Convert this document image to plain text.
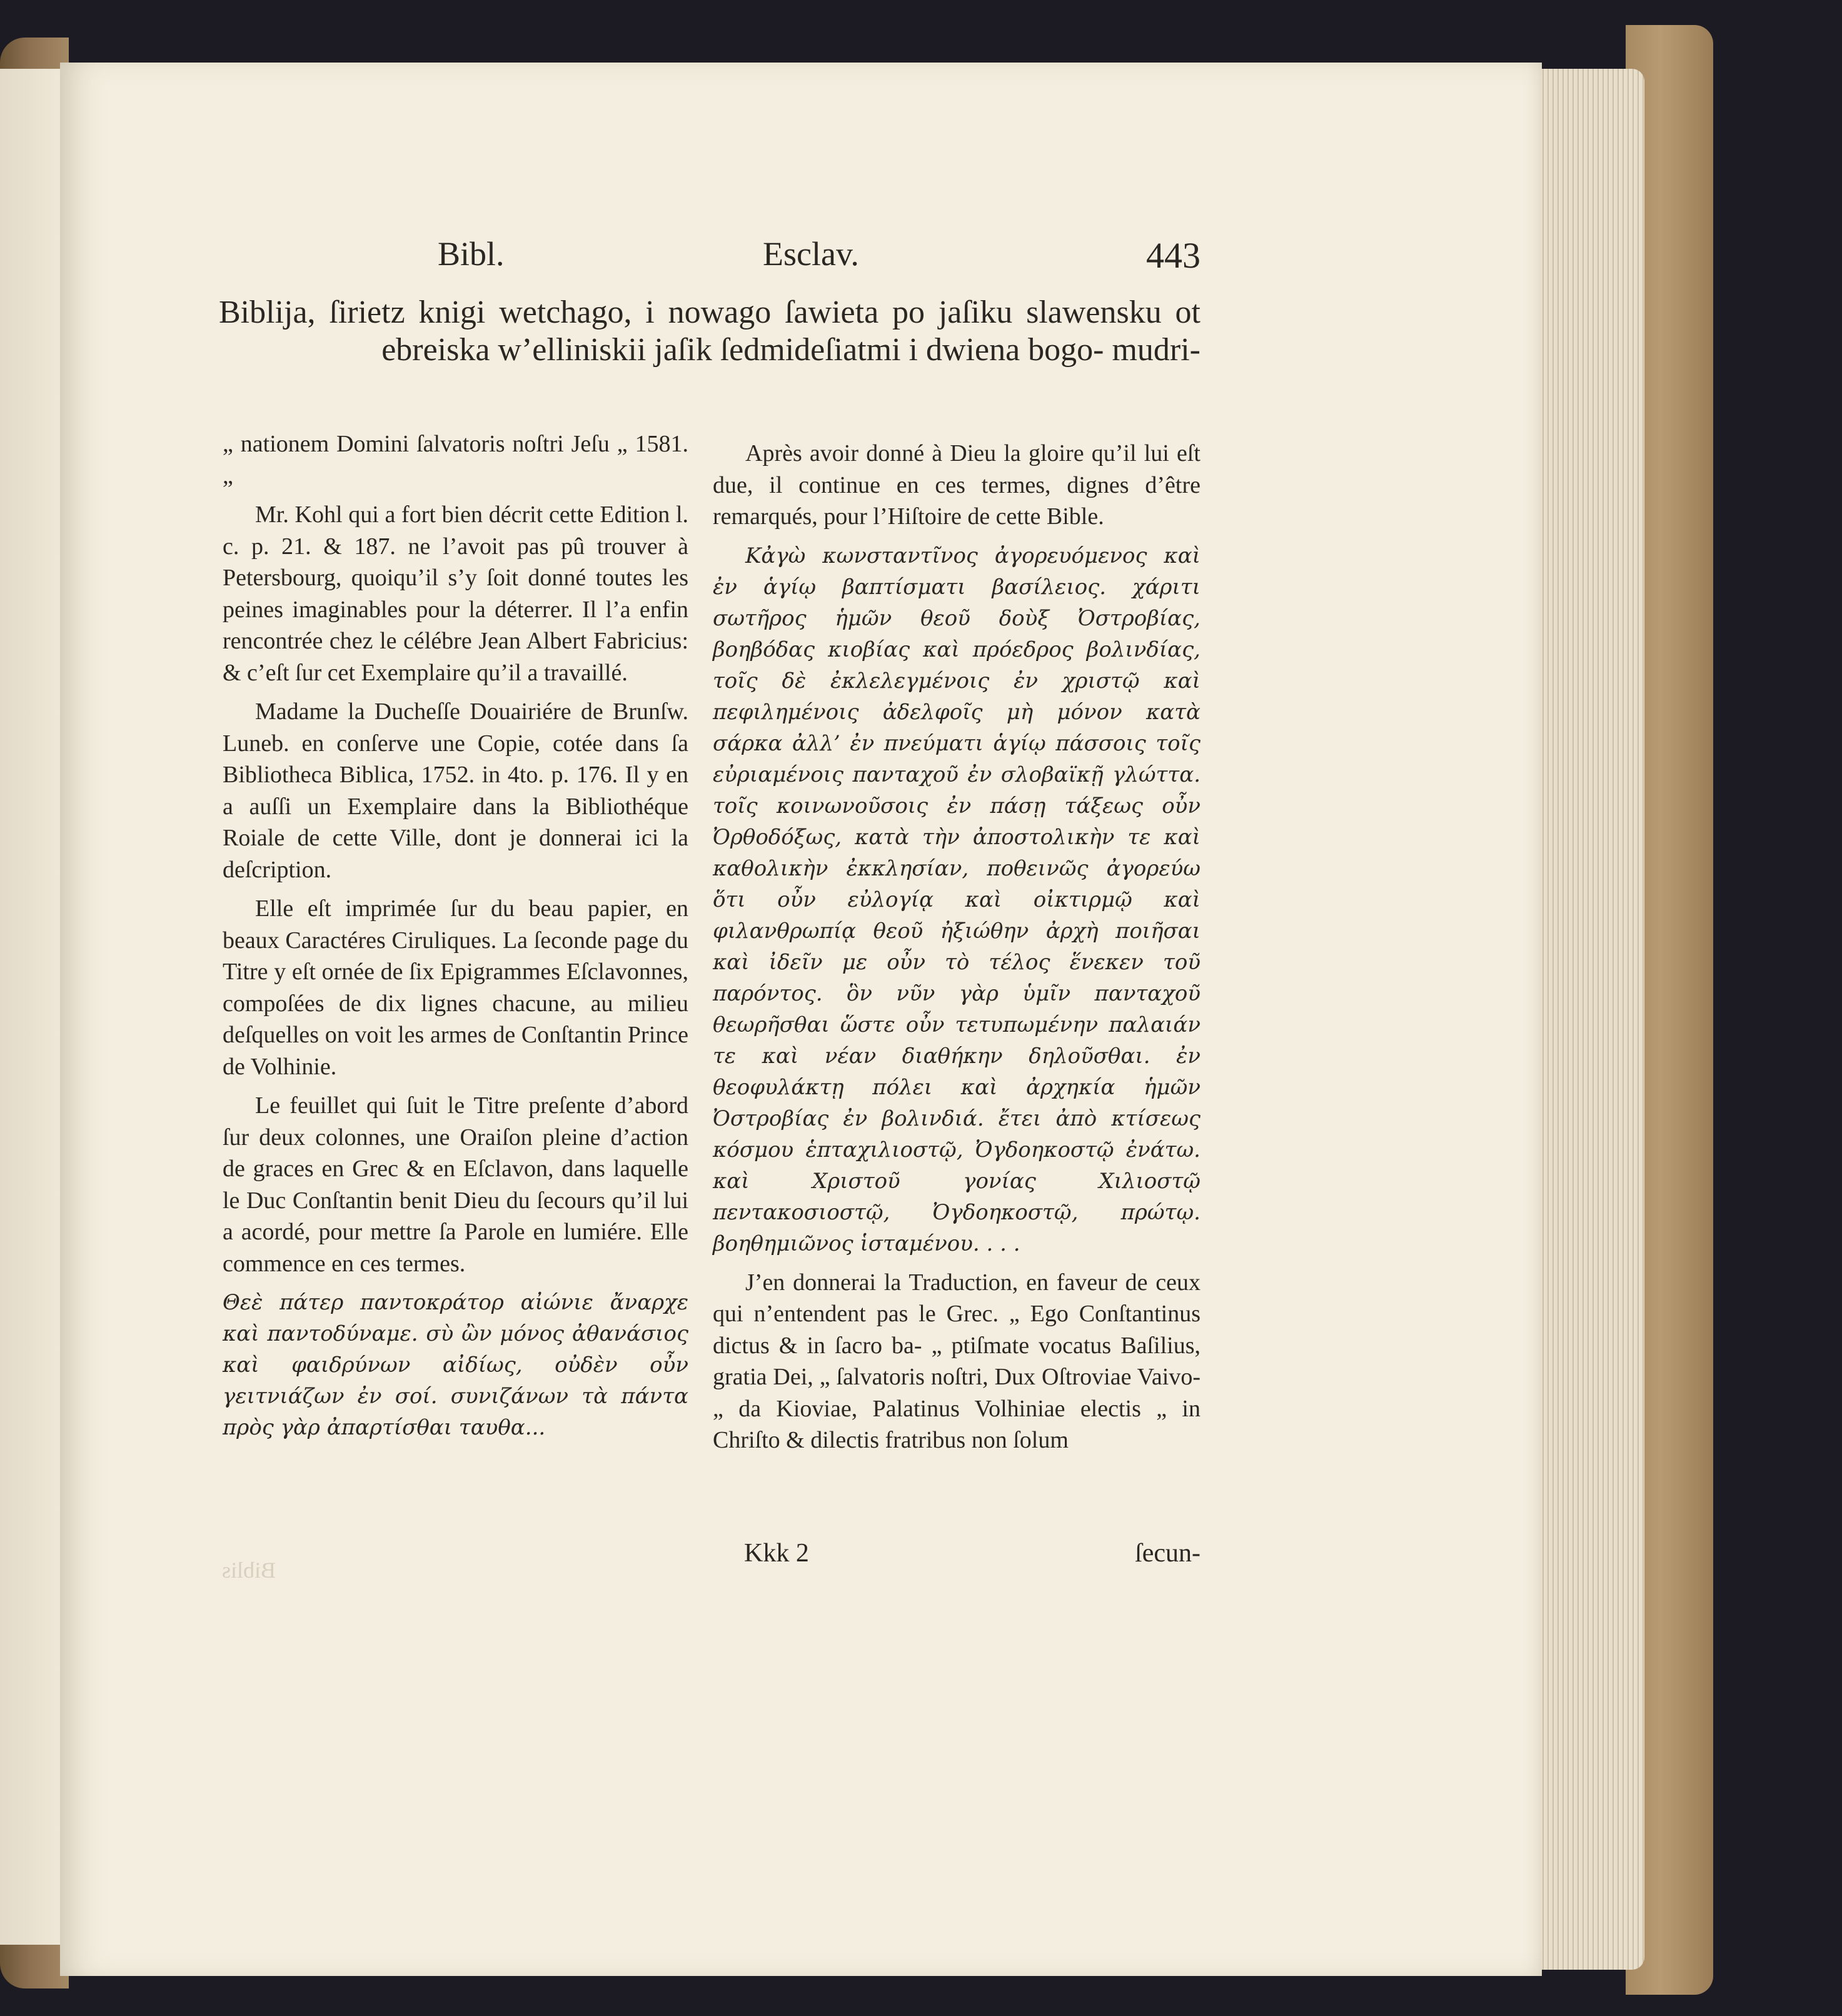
Bibl.	Esclav.	443
Biblija, ſirietz knigi wetchago, i nowago ſawieta po jaſiku slawensku ot ebreiska w’elliniskii jaſik ſedmideſiatmi i dwiena bogo- mudri-

„ nationem Domini ſalvatoris noſtri Jeſu „ 1581. „

Mr. Kohl qui a fort bien décrit cette Edition l. c. p. 21. & 187. ne l’avoit pas pû trouver à Petersbourg, quoiqu’il s’y ſoit donné toutes les peines imaginables pour la déterrer. Il l’a enfin rencontrée chez le célébre Jean Albert Fabricius: & c’eſt ſur cet Exemplaire qu’il a travaillé.

Madame la Ducheſſe Douairiére de Brunſw. Luneb. en conſerve une Copie, cotée dans ſa Bibliotheca Biblica, 1752. in 4to. p. 176. Il y en a auſſi un Exemplaire dans la Bibliothéque Roiale de cette Ville, dont je donnerai ici la deſcription.

Elle eſt imprimée ſur du beau papier, en beaux Caractéres Ciruliques. La ſeconde page du Titre y eſt ornée de ſix Epigrammes Eſclavonnes, compoſées de dix lignes chacune, au milieu deſquelles on voit les armes de Conſtantin Prince de Volhinie.

Le feuillet qui ſuit le Titre preſente d’abord ſur deux colonnes, une Oraiſon pleine d’action de graces en Grec & en Eſclavon, dans laquelle le Duc Conſtantin benit Dieu du ſecours qu’il lui a acordé, pour mettre ſa Parole en lumiére. Elle commence en ces termes.

Θεὲ πάτερ παντοκράτορ αἰώνιε ἄναρχε καὶ παντοδύναμε. σὺ ὢν μόνος ἀθανάσιος καὶ φαιδρύνων αἰδίως, οὐδὲν οὖν γειτνιάζων ἐν σοί. συνιζάνων τὰ πάντα πρὸς γὰρ ἀπαρτίσθαι ταυθα...

Après avoir donné à Dieu la gloire qu’il lui eſt due, il continue en ces termes, dignes d’être remarqués, pour l’Hiſtoire de cette Bible.

Κἀγὼ κωνσταντῖνος ἀγορευόμενος καὶ ἐν ἁγίῳ βαπτίσματι βασίλειος. χάριτι σωτῆρος ἡμῶν θεοῦ δοὺξ Ὀστροβίας, βοηβόδας κιοβίας καὶ πρόεδρος βολινδίας, τοῖς δὲ ἐκλελεγμένοις ἐν χριστῷ καὶ πεφιλημένοις ἀδελφοῖς μὴ μόνον κατὰ σάρκα ἀλλ’ ἐν πνεύματι ἁγίῳ πάσσοις τοῖς εὐριαμένοις πανταχοῦ ἐν σλοβαϊκῇ γλώττα. τοῖς κοινωνοῦσοις ἐν πάσῃ τάξεως οὖν Ὀρθοδόξως, κατὰ τὴν ἀποστολικὴν τε καὶ καθολικὴν ἐκκλησίαν, ποθεινῶς ἀγορεύω ὅτι οὖν εὐλογίᾳ καὶ οἰκτιρμῷ καὶ φιλανθρωπίᾳ θεοῦ ἠξιώθην ἀρχὴ ποιῆσαι καὶ ἰδεῖν με οὖν τὸ τέλος ἕνεκεν τοῦ παρόντος. ὃν νῦν γὰρ ὑμῖν πανταχοῦ θεωρῆσθαι ὥστε οὖν τετυπωμένην παλαιάν τε καὶ νέαν διαθήκην δηλοῦσθαι. ἐν θεοφυλάκτῃ πόλει καὶ ἀρχηκία ἡμῶν Ὀστροβίας ἐν βολινδιά. ἔτει ἀπὸ κτίσεως κόσμου ἑπταχιλιοστῷ, Ὀγδοηκοστῷ ἐνάτω. καὶ Χριστοῦ γονίας Χιλιοστῷ πεντακοσιοστῷ, Ὀγδοηκοστῷ, πρώτῳ. βοηθημιῶνος ἱσταμένου. . . .

J’en donnerai la Traduction, en faveur de ceux qui n’entendent pas le Grec. „ Ego Conſtantinus dictus & in ſacro ba- „ ptiſmate vocatus Baſilius, gratia Dei, „ ſalvatoris noſtri, Dux Oſtroviae Vaivo- „ da Kioviae, Palatinus Volhiniae electis „ in Chriſto & dilectis fratribus non ſolum

Biblis
Kkk 2	ſecun-
